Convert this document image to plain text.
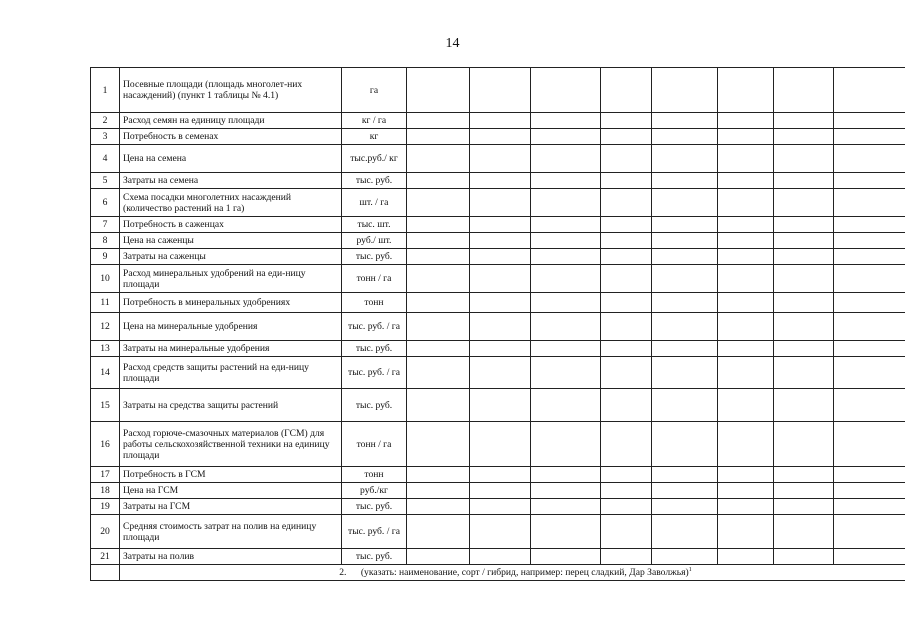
14
1	Посевные площади (площадь многолет-них насаждений) (пункт 1 таблицы № 4.1)	га								
2	Расход семян на единицу площади	кг / га								
3	Потребность в семенах	кг								
4	Цена на семена	тыс.руб./ кг								
5	Затраты на семена	тыс. руб.								
6	Схема посадки многолетних насаждений (количество растений на 1 га)	шт. / га								
7	Потребность в саженцах	тыс. шт.								
8	Цена на саженцы	руб./ шт.								
9	Затраты на саженцы	тыс. руб.								
10	Расход минеральных удобрений на еди-ницу площади	тонн / га								
11	Потребность в минеральных удобрениях	тонн								
12	Цена на минеральные удобрения	тыс. руб. / га								
13	Затраты на минеральные удобрения	тыс. руб.								
14	Расход средств защиты растений на еди-ницу площади	тыс. руб. / га								
15	Затраты на средства защиты растений	тыс. руб.								
16	Расход горюче-смазочных материалов (ГСМ) для работы сельскохозяйственной техники на единицу площади	тонн / га								
17	Потребность в ГСМ	тонн								
18	Цена на ГСМ	руб./кг								
19	Затраты на ГСМ	тыс. руб.								
20	Средняя стоимость затрат на полив на единицу площади	тыс. руб. / га								
21	Затраты на полив	тыс. руб.								
	2. (указать: наименование, сорт / гибрид, например: перец сладкий, Дар Заволжья)$^1$
